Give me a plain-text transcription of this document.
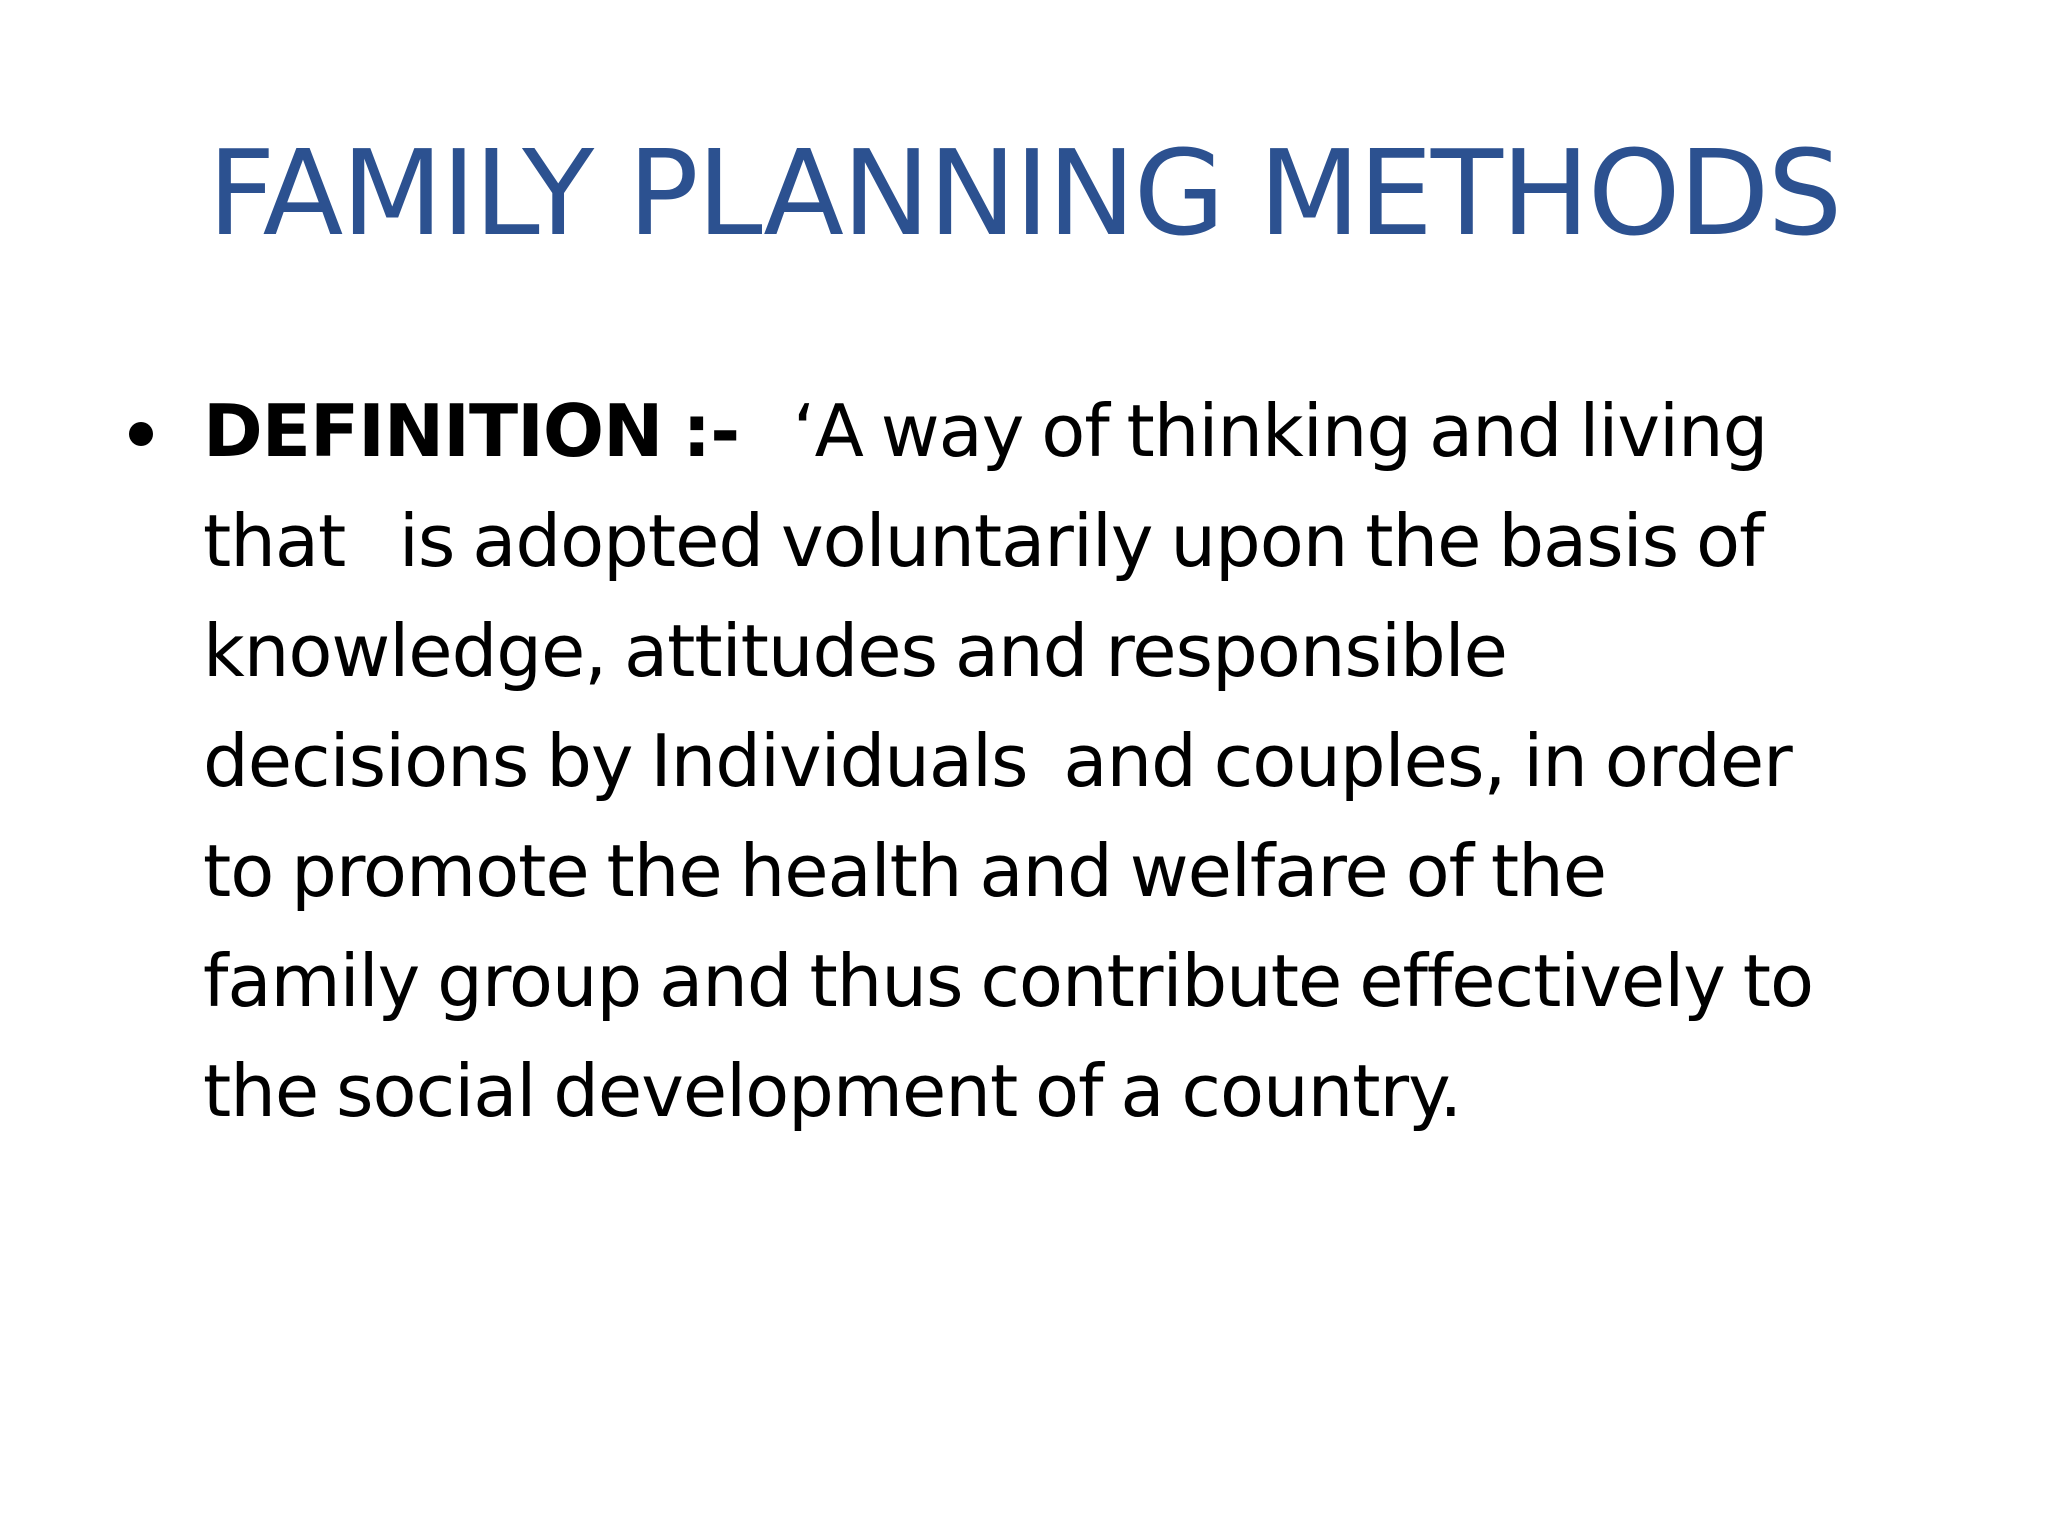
FAMILY PLANNING METHODS

DEFINITION :-   ‘A way of thinking and living
that   is adopted voluntarily upon the basis of
knowledge, attitudes and responsible
decisions by Individuals  and couples, in order
to promote the health and welfare of the
family group and thus contribute effectively to
the social development of a country.
